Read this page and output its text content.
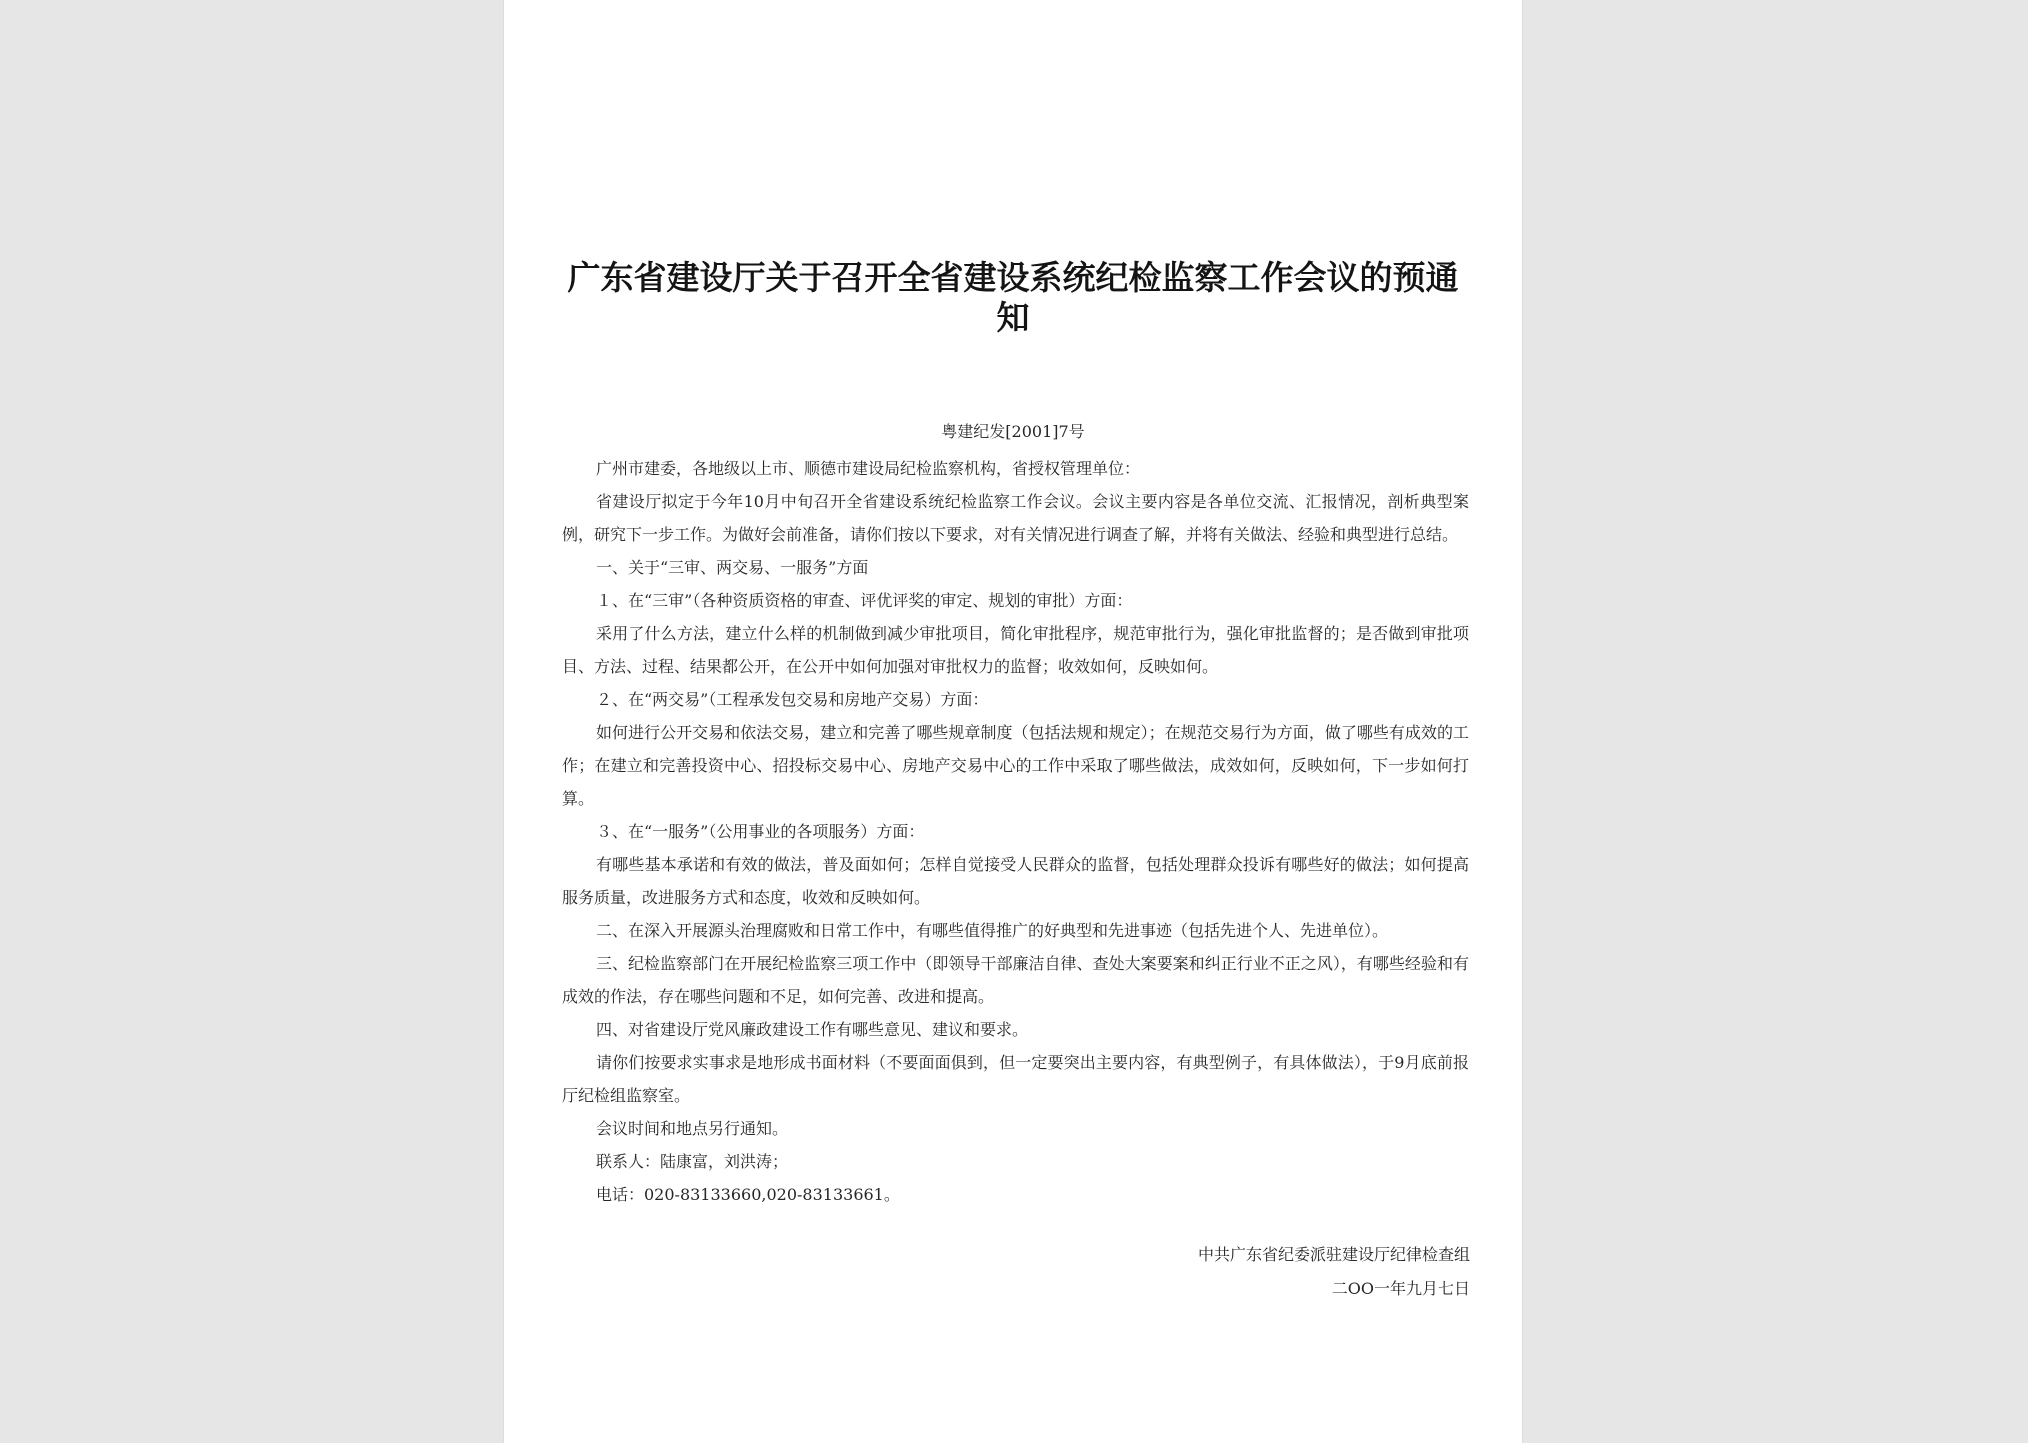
广东省建设厅关于召开全省建设系统纪检监察工作会议的预通知

粤建纪发[2001]7号

广州市建委，各地级以上市、顺德市建设局纪检监察机构，省授权管理单位：

省建设厅拟定于今年10月中旬召开全省建设系统纪检监察工作会议。会议主要内容是各单位交流、汇报情况，剖析典型案例，研究下一步工作。为做好会前准备，请你们按以下要求，对有关情况进行调查了解，并将有关做法、经验和典型进行总结。

一、关于“三审、两交易、一服务”方面

１、在“三审”（各种资质资格的审查、评优评奖的审定、规划的审批）方面：

采用了什么方法，建立什么样的机制做到减少审批项目，简化审批程序，规范审批行为，强化审批监督的；是否做到审批项目、方法、过程、结果都公开，在公开中如何加强对审批权力的监督；收效如何，反映如何。

２、在“两交易”（工程承发包交易和房地产交易）方面：

如何进行公开交易和依法交易，建立和完善了哪些规章制度（包括法规和规定）；在规范交易行为方面，做了哪些有成效的工作；在建立和完善投资中心、招投标交易中心、房地产交易中心的工作中采取了哪些做法，成效如何，反映如何，下一步如何打算。

３、在“一服务”（公用事业的各项服务）方面：

有哪些基本承诺和有效的做法，普及面如何；怎样自觉接受人民群众的监督，包括处理群众投诉有哪些好的做法；如何提高服务质量，改进服务方式和态度，收效和反映如何。

二、在深入开展源头治理腐败和日常工作中，有哪些值得推广的好典型和先进事迹（包括先进个人、先进单位）。

三、纪检监察部门在开展纪检监察三项工作中（即领导干部廉洁自律、查处大案要案和纠正行业不正之风），有哪些经验和有成效的作法，存在哪些问题和不足，如何完善、改进和提高。

四、对省建设厅党风廉政建设工作有哪些意见、建议和要求。

请你们按要求实事求是地形成书面材料（不要面面俱到，但一定要突出主要内容，有典型例子，有具体做法），于9月底前报厅纪检组监察室。

会议时间和地点另行通知。

联系人：陆康富，刘洪涛；

电话：020-83133660,020-83133661。

中共广东省纪委派驻建设厅纪律检查组

二OO一年九月七日
